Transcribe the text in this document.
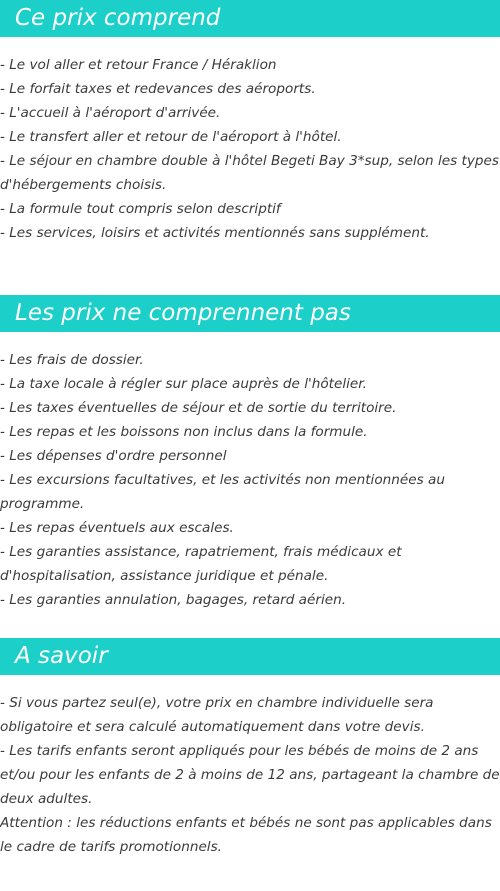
Ce prix comprend
- Le vol aller et retour France / Héraklion
- Le forfait taxes et redevances des aéroports.
- L'accueil à l'aéroport d'arrivée.
- Le transfert aller et retour de l'aéroport à l'hôtel.
- Le séjour en chambre double à l'hôtel Begeti Bay 3*sup, selon les types d'hébergements choisis.
- La formule tout compris selon descriptif
- Les services, loisirs et activités mentionnés sans supplément.
Les prix ne comprennent pas
- Les frais de dossier.
- La taxe locale à régler sur place auprès de l'hôtelier.
- Les taxes éventuelles de séjour et de sortie du territoire.
- Les repas et les boissons non inclus dans la formule.
- Les dépenses d'ordre personnel
- Les excursions facultatives, et les activités non mentionnées au programme.
- Les repas éventuels aux escales.
- Les garanties assistance, rapatriement, frais médicaux et d'hospitalisation, assistance juridique et pénale.
- Les garanties annulation, bagages, retard aérien.
A savoir
- Si vous partez seul(e), votre prix en chambre individuelle sera obligatoire et sera calculé automatiquement dans votre devis.
- Les tarifs enfants seront appliqués pour les bébés de moins de 2 ans et/ou pour les enfants de 2 à moins de 12 ans, partageant la chambre de deux adultes.
Attention : les réductions enfants et bébés ne sont pas applicables dans le cadre de tarifs promotionnels.
